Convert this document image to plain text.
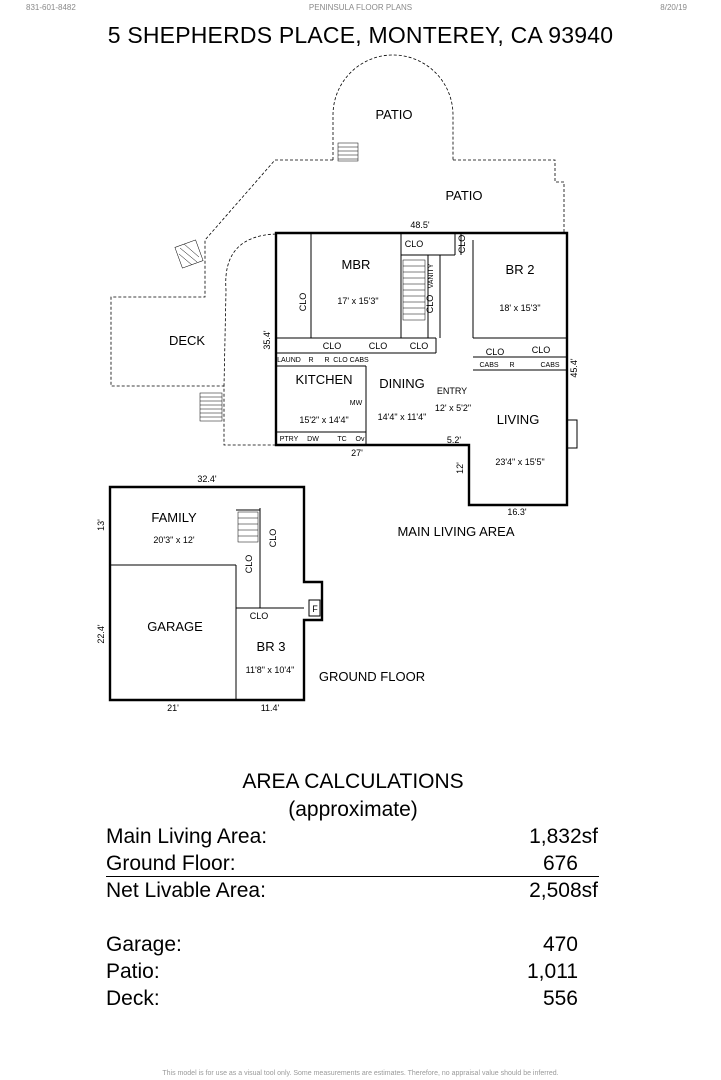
831-601-8482	PENINSULA FLOOR PLANS	8/20/19
5 SHEPHERDS PLACE, MONTEREY, CA 93940
48.5'
35.4'
45.4'
27'
5.2'
12'
16.3'
PATIO
PATIO
DECK
MBR
17' x 15'3"
BR 2
18' x 15'3"
KITCHEN
15'2" x 14'4"
DINING
14'4" x 11'4"
ENTRY
12' x 5'2"
LIVING
23'4" x 15'5"
CLO	CLO
CLO	CLO
VANITY
CLO	CLO CLO
CLO	CLO
LAUND R R CLO CABS
CABS R	CABS
MW
PTRY DW	TC Ov
MAIN LIVING AREA
32.4'
13'
22.4'
21'	11.4'
FAMILY
20'3" x 12'
GARAGE
BR 3
11'8" x 10'4"
CLO
CLO
CLO
F
GROUND FLOOR
AREA CALCULATIONS
(approximate)
Main Living Area:	1,832sf
Ground Floor:	676
Net Livable Area:	2,508sf
Garage:	470
Patio:	1,011
Deck:	556
This model is for use as a visual tool only. Some measurements are estimates. Therefore, no appraisal value should be inferred.
